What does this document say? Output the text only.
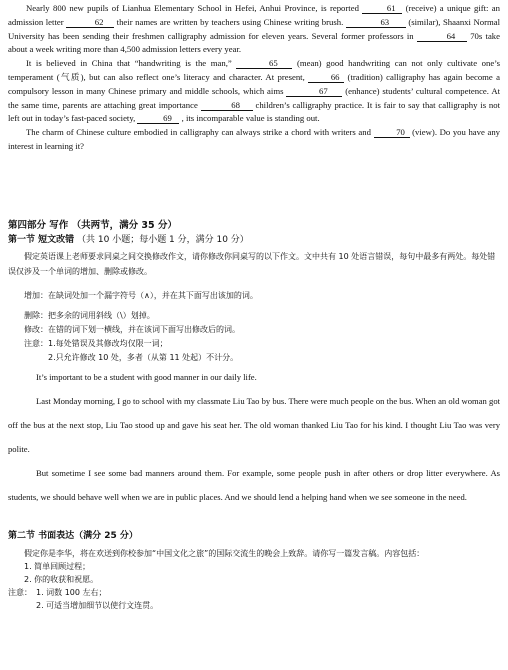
Nearly 800 new pupils of Lianhua Elementary School in Hefei, Anhui Province, is reported	61 (receive) a unique gift: an admission letter	62 their names are written by teachers using Chinese writing brush.	63 (similar), Shaanxi Normal University has been sending their freshmen calligraphy admission for eleven years. Several former professors in	64 70s take about a week writing more than 4,500 admission letters every year.

It is believed in China that “handwriting is the man,”	65 (mean) good handwriting can not only cultivate one’s temperament (气质), but can also reflect one’s literacy and character. At present,	66 (tradition) calligraphy has again become a compulsory lesson in many Chinese primary and middle schools, which aims	67 (enhance) students’ cultural competence. At the same time, parents are attaching great importance	68 children’s calligraphy practice. It is fair to say that calligraphy is not left out in today’s fast-paced society,	69 , its incomparable value is standing out.

The charm of Chinese culture embodied in calligraphy can always strike a chord with writers and	70 (view). Do you have any interest in learning it?

第四部分 写作 （共两节，满分 35 分）
第一节 短文改错 （共 10 小题；每小题 1 分，满分 10 分）

假定英语课上老师要求同桌之间交换修改作文，请你修改你同桌写的以下作文。文中共有 10 处语言错误，每句中最多有两处。每处错误仅涉及一个单词的增加、删除或修改。

增加：在缺词处加一个漏字符号（∧），并在其下面写出该加的词。

删除：把多余的词用斜线（\）划掉。

修改：在错的词下划一横线，并在该词下面写出修改后的词。

注意： 1.每处错误及其修改均仅限一词；
2.只允许修改 10 处，多者（从第 11 处起）不计分。

It’s important to be a student with good manner in our daily life.

Last Monday morning, I go to school with my classmate Liu Tao by bus. There were much people on the bus. When an old woman got off the bus at the next stop, Liu Tao stood up and gave his seat her. The old woman thanked Liu Tao for his kind. I thought Liu Tao was very polite.

But sometime I see some bad manners around them. For example, some people push in after others or drop litter everywhere. As students, we should behave well when we are in public places. And we should lend a helping hand when we see someone in the need.

第二节 书面表达（满分 25 分）

假定你是李华，将在欢送到你校参加“中国文化之旅”的国际交流生的晚会上致辞。请你写一篇发言稿。内容包括：

1. 简单回顾过程；

2. 你的收获和祝愿。

注意： 1. 词数 100 左右；
2. 可适当增加细节以使行文连贯。
